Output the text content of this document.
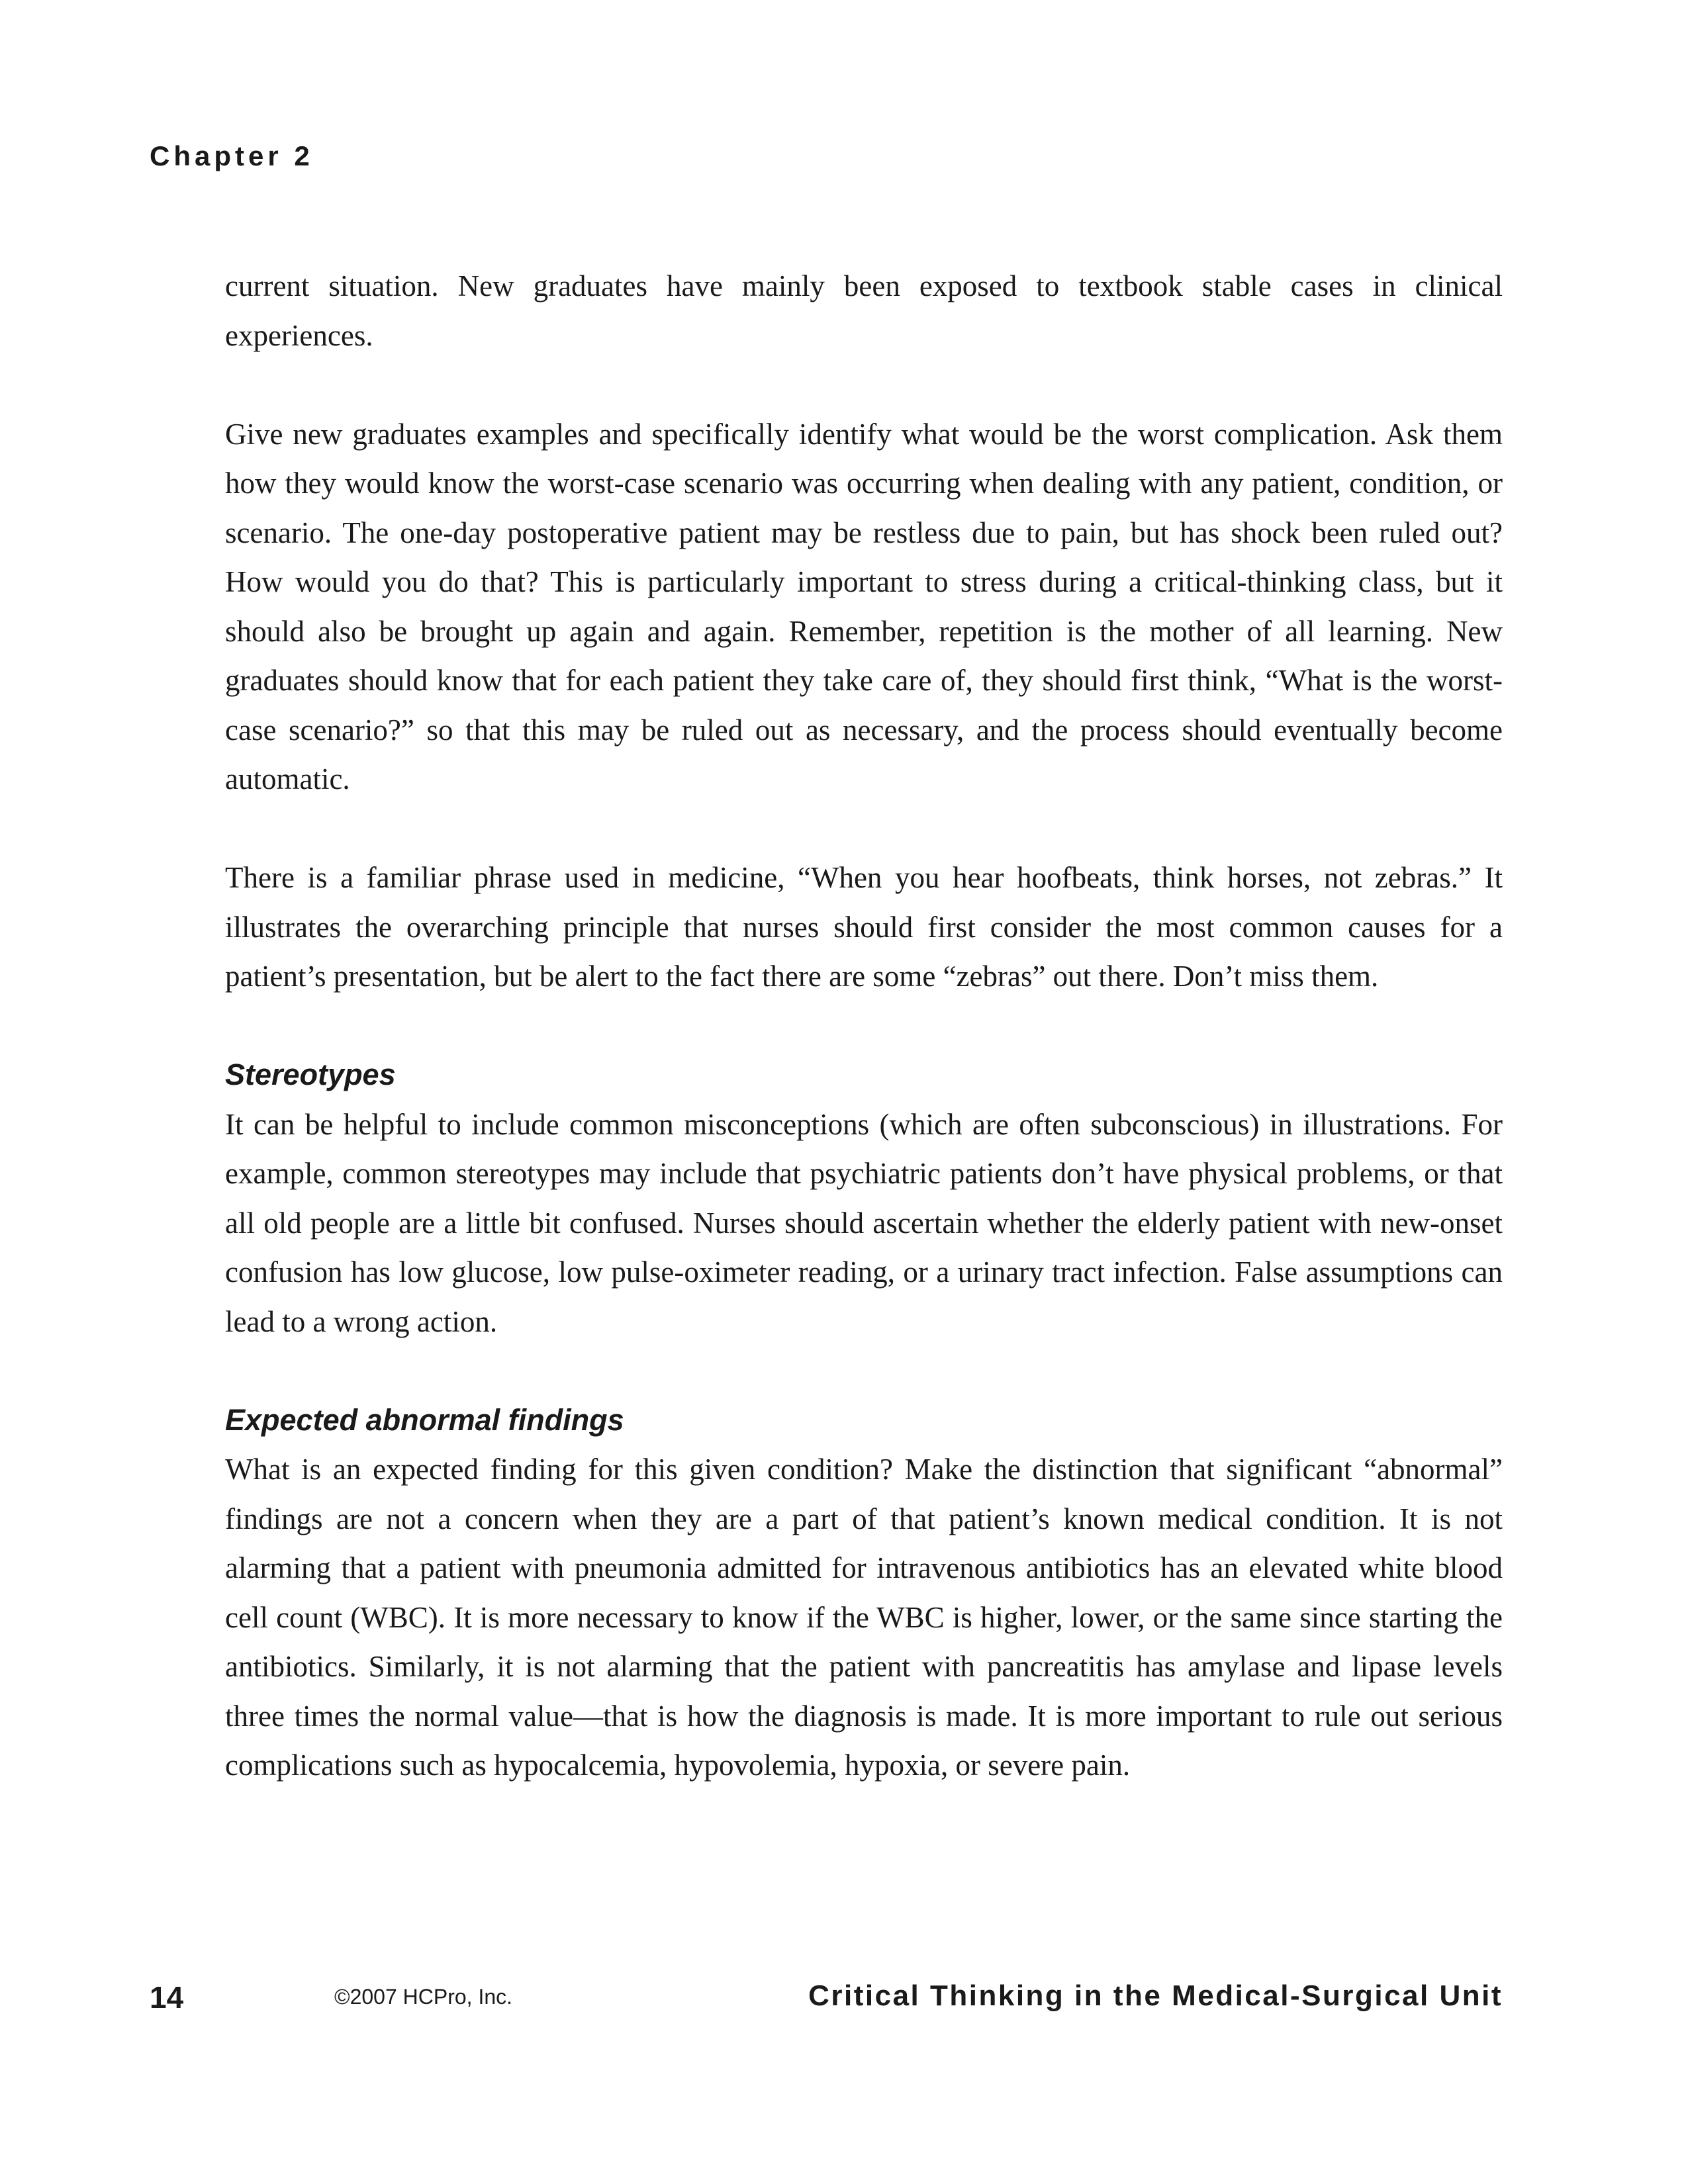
Chapter 2

current situation. New graduates have mainly been exposed to textbook stable cases in clinical experiences.

Give new graduates examples and specifically identify what would be the worst complication. Ask them how they would know the worst-case scenario was occurring when dealing with any patient, condition, or scenario. The one-day postoperative patient may be restless due to pain, but has shock been ruled out? How would you do that? This is particularly important to stress during a critical-thinking class, but it should also be brought up again and again. Remember, repetition is the mother of all learning. New graduates should know that for each patient they take care of, they should first think, “What is the worst-case scenario?” so that this may be ruled out as necessary, and the process should eventually become automatic.

There is a familiar phrase used in medicine, “When you hear hoofbeats, think horses, not zebras.” It illustrates the overarching principle that nurses should first consider the most common causes for a patient’s presentation, but be alert to the fact there are some “zebras” out there. Don’t miss them.

Stereotypes

It can be helpful to include common misconceptions (which are often subconscious) in illustrations. For example, common stereotypes may include that psychiatric patients don’t have physical problems, or that all old people are a little bit confused. Nurses should ascertain whether the elderly patient with new-onset confusion has low glucose, low pulse-oximeter reading, or a urinary tract infection. False assumptions can lead to a wrong action.

Expected abnormal findings

What is an expected finding for this given condition? Make the distinction that significant “abnormal” findings are not a concern when they are a part of that patient’s known medical condition. It is not alarming that a patient with pneumonia admitted for intravenous antibiotics has an elevated white blood cell count (WBC). It is more necessary to know if the WBC is higher, lower, or the same since starting the antibiotics. Similarly, it is not alarming that the patient with pancreatitis has amylase and lipase levels three times the normal value—that is how the diagnosis is made. It is more important to rule out serious complications such as hypocalcemia, hypovolemia, hypoxia, or severe pain.

14	©2007 HCPro, Inc.	Critical Thinking in the Medical-Surgical Unit
